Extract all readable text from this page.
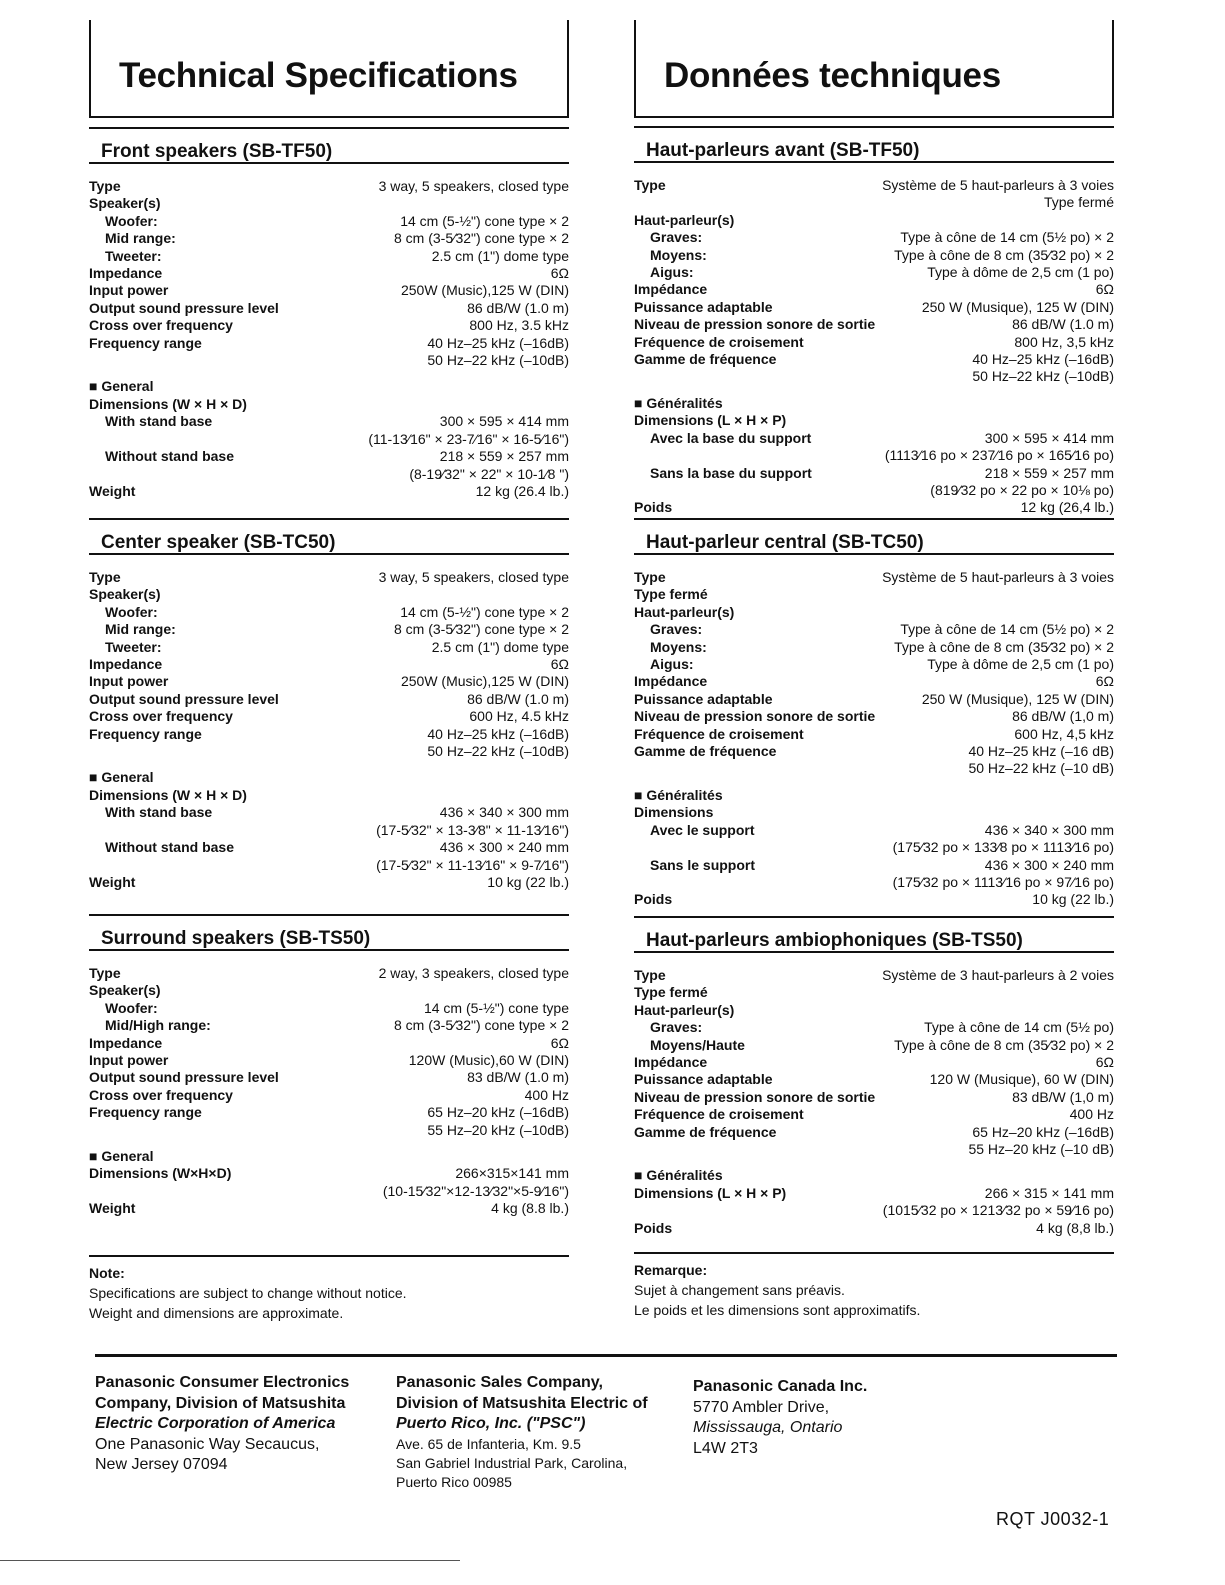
Technical Specifications
Front speakers (SB-TF50)
Type	3 way, 5 speakers, closed type
Speaker(s)
Woofer:	14 cm (5-½") cone type × 2
Mid range:	8 cm (3-5⁄32") cone type × 2
Tweeter:	2.5 cm (1") dome type
Impedance	6Ω
Input power	250W (Music),125 W (DIN)
Output sound pressure level	86 dB/W (1.0 m)
Cross over frequency	800 Hz, 3.5 kHz
Frequency range	40 Hz–25 kHz (–16dB)
50 Hz–22 kHz (–10dB)
■ General
Dimensions (W × H × D)
With stand base	300 × 595 × 414 mm
(11-13⁄16" × 23-7⁄16" × 16-5⁄16")
Without stand base	218 × 559 × 257 mm
(8-19⁄32" × 22" × 10-1⁄8 ")
Weight	12 kg (26.4 lb.)
Center speaker (SB-TC50)
Type	3 way, 5 speakers, closed type
Speaker(s)
Woofer:	14 cm (5-½") cone type × 2
Mid range:	8 cm (3-5⁄32") cone type × 2
Tweeter:	2.5 cm (1") dome type
Impedance	6Ω
Input power	250W (Music),125 W (DIN)
Output sound pressure level	86 dB/W (1.0 m)
Cross over frequency	600 Hz, 4.5 kHz
Frequency range	40 Hz–25 kHz (–16dB)
50 Hz–22 kHz (–10dB)
■ General
Dimensions (W × H × D)
With stand base	436 × 340 × 300 mm
(17-5⁄32" × 13-3⁄8" × 11-13⁄16")
Without stand base	436 × 300 × 240 mm
(17-5⁄32" × 11-13⁄16" × 9-7⁄16")
Weight	10 kg (22 lb.)
Surround speakers (SB-TS50)
Type	2 way, 3 speakers, closed type
Speaker(s)
Woofer:	14 cm (5-½") cone type
Mid/High range:	8 cm (3-5⁄32") cone type × 2
Impedance	6Ω
Input power	120W (Music),60 W (DIN)
Output sound pressure level	83 dB/W (1.0 m)
Cross over frequency	400 Hz
Frequency range	65 Hz–20 kHz (–16dB)
55 Hz–20 kHz (–10dB)
■ General
Dimensions (W×H×D)	266×315×141 mm
(10-15⁄32"×12-13⁄32"×5-9⁄16")
Weight	4 kg (8.8 lb.)
Note:
Specifications are subject to change without notice.
Weight and dimensions are approximate.
Données techniques
Haut-parleurs avant (SB-TF50)
Type	Système de 5 haut-parleurs à 3 voies
Type fermé
Haut-parleur(s)
Graves:	Type à cône de 14 cm (5½ po) × 2
Moyens:	Type à cône de 8 cm (35⁄32 po) × 2
Aigus:	Type à dôme de 2,5 cm (1 po)
Impédance	6Ω
Puissance adaptable	250 W (Musique), 125 W (DIN)
Niveau de pression sonore de sortie	86 dB/W (1.0 m)
Fréquence de croisement	800 Hz, 3,5 kHz
Gamme de fréquence	40 Hz–25 kHz (–16dB)
50 Hz–22 kHz (–10dB)
■ Généralités
Dimensions (L × H × P)
Avec la base du support	300 × 595 × 414 mm
(1113⁄16 po × 237⁄16 po × 165⁄16 po)
Sans la base du support	218 × 559 × 257 mm
(819⁄32 po × 22 po × 10⅛ po)
Poids	12 kg (26,4 lb.)
Haut-parleur central (SB-TC50)
Type	Système de 5 haut-parleurs à 3 voies
Type fermé
Haut-parleur(s)
Graves:	Type à cône de 14 cm (5½ po) × 2
Moyens:	Type à cône de 8 cm (35⁄32 po) × 2
Aigus:	Type à dôme de 2,5 cm (1 po)
Impédance	6Ω
Puissance adaptable	250 W (Musique), 125 W (DIN)
Niveau de pression sonore de sortie	86 dB/W (1,0 m)
Fréquence de croisement	600 Hz, 4,5 kHz
Gamme de fréquence	40 Hz–25 kHz (–16 dB)
50 Hz–22 kHz (–10 dB)
■ Généralités
Dimensions
Avec le support	436 × 340 × 300 mm
(175⁄32 po × 133⁄8 po × 1113⁄16 po)
Sans le support	436 × 300 × 240 mm
(175⁄32 po × 1113⁄16 po × 97⁄16 po)
Poids	10 kg (22 lb.)
Haut-parleurs ambiophoniques (SB-TS50)
Type	Système de 3 haut-parleurs à 2 voies
Type fermé
Haut-parleur(s)
Graves:	Type à cône de 14 cm (5½ po)
Moyens/Haute	Type à cône de 8 cm (35⁄32 po) × 2
Impédance	6Ω
Puissance adaptable	120 W (Musique), 60 W (DIN)
Niveau de pression sonore de sortie	83 dB/W (1,0 m)
Fréquence de croisement	400 Hz
Gamme de fréquence	65 Hz–20 kHz (–16dB)
55 Hz–20 kHz (–10 dB)
■ Généralités
Dimensions (L × H × P)	266 × 315 × 141 mm
(1015⁄32 po × 1213⁄32 po × 59⁄16 po)
Poids	4 kg (8,8 lb.)
Remarque:
Sujet à changement sans préavis.
Le poids et les dimensions sont approximatifs.
Panasonic Consumer Electronics
Company, Division of Matsushita
Electric Corporation of America
One Panasonic Way Secaucus,
New Jersey 07094
Panasonic Sales Company,
Division of Matsushita Electric of
Puerto Rico, Inc. ("PSC")
Ave. 65 de Infanteria, Km. 9.5
San Gabriel Industrial Park, Carolina,
Puerto Rico 00985
Panasonic Canada Inc.
5770 Ambler Drive,
Mississauga, Ontario
L4W 2T3
RQT J0032-1
